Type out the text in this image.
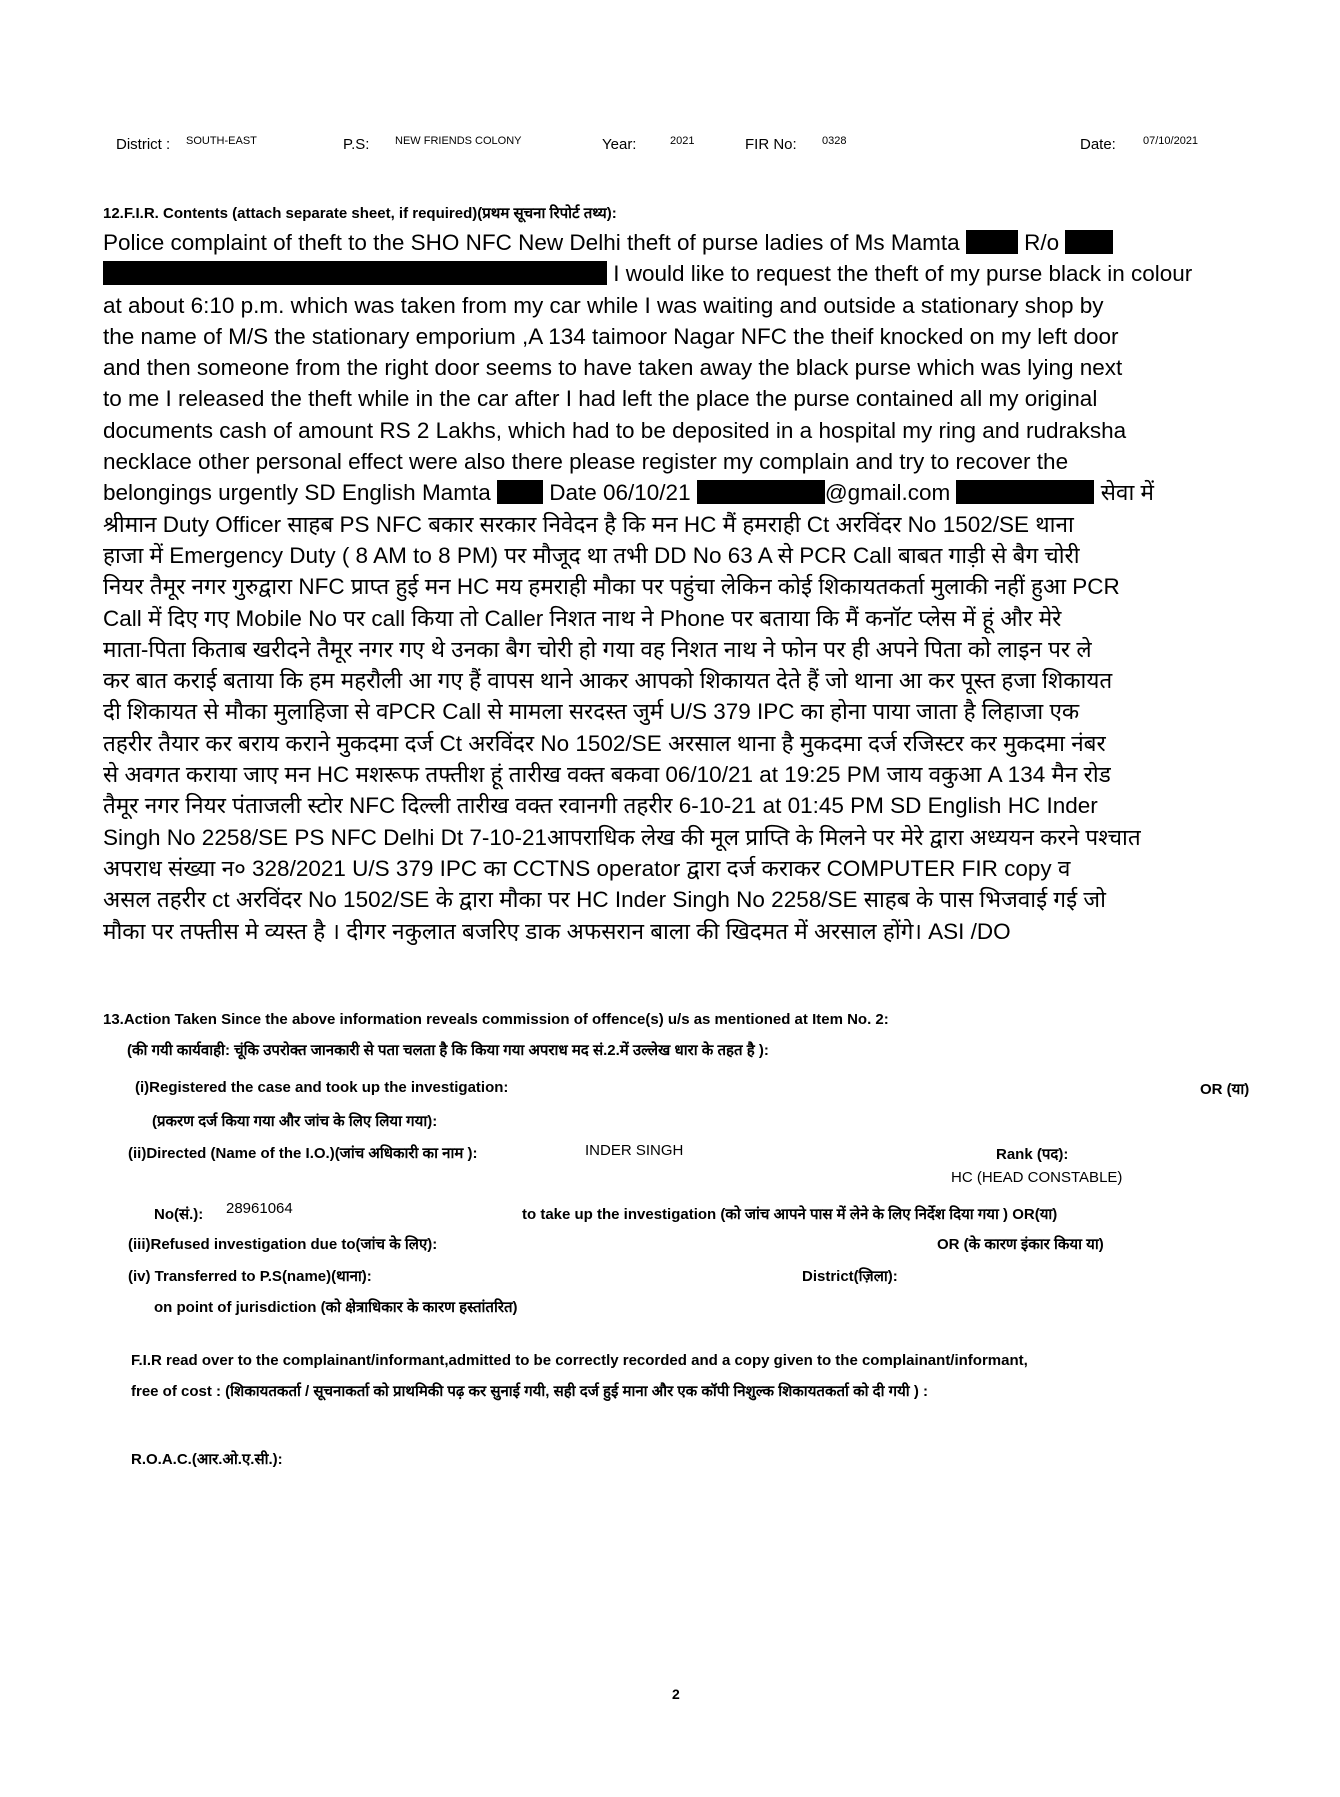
District : SOUTH-EAST	P.S: NEW FRIENDS COLONY	Year:	2021	FIR No: 0328	Date: 07/10/2021
12.F.I.R. Contents (attach separate sheet, if required)(प्रथम सूचना रिपोर्ट तथ्य):
Police complaint of theft to the SHO NFC New Delhi theft of purse ladies of Ms Mamta  R/o
I would like to request the theft of my purse black in colour
at about 6:10 p.m. which was taken from my car while I was waiting and outside a stationary shop by
the name of M/S the stationary emporium ,A 134 taimoor Nagar NFC the theif knocked on my left door
and then someone from the right door seems to have taken away the black purse which was lying next
to me I released the theft while in the car after I had left the place the purse contained all my original
documents cash of amount RS 2 Lakhs, which had to be deposited in a hospital my ring and rudraksha
necklace other personal effect were also there please register my complain and try to recover the
belongings urgently SD English Mamta  Date 06/10/21	@gmail.com	सेवा में
श्रीमान Duty Officer साहब PS NFC बकार सरकार निवेदन है कि मन HC मैं हमराही Ct अरविंदर No 1502/SE थाना
हाजा में Emergency Duty ( 8 AM to 8 PM) पर मौजूद था तभी DD No 63 A से PCR Call बाबत गाड़ी से बैग चोरी
नियर तैमूर नगर गुरुद्वारा NFC प्राप्त हुई मन HC मय हमराही मौका पर पहुंचा लेकिन कोई शिकायतकर्ता मुलाकी नहीं हुआ PCR
Call में दिए गए Mobile No पर call किया तो Caller निशत नाथ ने Phone पर बताया कि मैं कनॉट प्लेस में हूं और मेरे
माता-पिता किताब खरीदने तैमूर नगर गए थे उनका बैग चोरी हो गया वह निशत नाथ ने फोन पर ही अपने पिता को लाइन पर ले
कर बात कराई बताया कि हम महरौली आ गए हैं वापस थाने आकर आपको शिकायत देते हैं जो थाना आ कर पूस्त हजा शिकायत
दी शिकायत से मौका मुलाहिजा से वPCR Call से मामला सरदस्त जुर्म U/S 379 IPC का होना पाया जाता है लिहाजा एक
तहरीर तैयार कर बराय कराने मुकदमा दर्ज Ct अरविंदर No 1502/SE अरसाल थाना है मुकदमा दर्ज रजिस्टर कर मुकदमा नंबर
से अवगत कराया जाए मन HC मशरूफ तफ्तीश हूं तारीख वक्त बकवा 06/10/21 at 19:25 PM जाय वकुआ A 134 मैन रोड
तैमूर नगर नियर पंताजली स्टोर NFC दिल्ली तारीख वक्त रवानगी तहरीर 6-10-21 at 01:45 PM SD English HC Inder
Singh No 2258/SE PS NFC Delhi Dt 7-10-21आपराधिक लेख की मूल प्राप्ति के मिलने पर मेरे द्वारा अध्ययन करने पश्चात
अपराध संख्या न० 328/2021 U/S 379 IPC का CCTNS operator द्वारा दर्ज कराकर COMPUTER FIR copy व
असल तहरीर ct अरविंदर No 1502/SE के द्वारा मौका पर HC Inder Singh No 2258/SE साहब के पास भिजवाई गई जो
मौका पर तफ्तीस मे व्यस्त है । दीगर नकुलात बजरिए डाक अफसरान बाला की खिदमत में अरसाल होंगे। ASI /DO
13.Action Taken Since the above information reveals commission of offence(s) u/s as mentioned at Item No. 2:
(की गयी कार्यवाही: चूंकि उपरोक्त जानकारी से पता चलता है कि किया गया अपराध मद सं.2.में उल्लेख धारा के तहत है ):
(i)Registered the case and took up the investigation:	OR (या)
(प्रकरण दर्ज किया गया और जांच के लिए लिया गया):
(ii)Directed (Name of the I.O.)(जांच अधिकारी का नाम ):	INDER SINGH	Rank (पद):
HC (HEAD CONSTABLE)
No(सं.): 28961064	to take up the investigation (को जांच आपने पास में लेने के लिए निर्देश दिया गया ) OR(या)
(iii)Refused investigation due to(जांच के लिए):	OR (के कारण इंकार किया या)
(iv) Transferred to P.S(name)(थाना):	District(ज़िला):
on point of jurisdiction (को क्षेत्राधिकार के कारण हस्तांतरित)
F.I.R read over to the complainant/informant,admitted to be correctly recorded and a copy given to the complainant/informant,
free of cost : (शिकायतकर्ता / सूचनाकर्ता को प्राथमिकी पढ़ कर सुनाई गयी, सही दर्ज हुई माना और एक कॉपी निशुल्क शिकायतकर्ता को दी गयी ) :
R.O.A.C.(आर.ओ.ए.सी.):
2
